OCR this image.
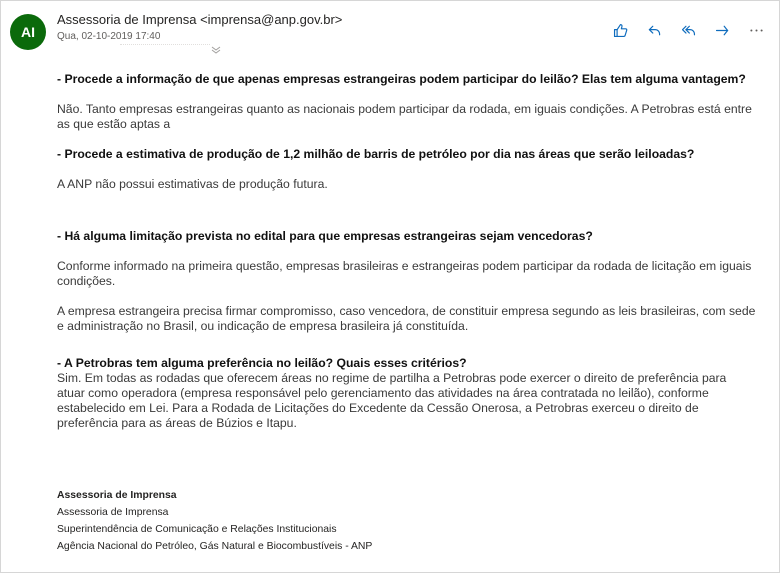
AI
Assessoria de Imprensa <imprensa@anp.gov.br>
Qua, 02-10-2019 17:40

- Procede a informação de que apenas empresas estrangeiras podem participar do leilão? Elas tem alguma vantagem?

Não. Tanto empresas estrangeiras quanto as nacionais podem participar da rodada, em iguais condições. A Petrobras está entre as que estão aptas a

- Procede a estimativa de produção de 1,2 milhão de barris de petróleo por dia nas áreas que serão leiloadas?

A ANP não possui estimativas de produção futura.

- Há alguma limitação prevista no edital para que empresas estrangeiras sejam vencedoras?

Conforme informado na primeira questão, empresas brasileiras e estrangeiras podem participar da rodada de licitação em iguais condições.

A empresa estrangeira precisa firmar compromisso, caso vencedora, de constituir empresa segundo as leis brasileiras, com sede e administração no Brasil, ou indicação de empresa brasileira já constituída.

- A Petrobras tem alguma preferência no leilão? Quais esses critérios?

Sim. Em todas as rodadas que oferecem áreas no regime de partilha a Petrobras pode exercer o direito de preferência para atuar como operadora (empresa responsável pelo gerenciamento das atividades na área contratada no leilão), conforme estabelecido em Lei. Para a Rodada de Licitações do Excedente da Cessão Onerosa, a Petrobras exerceu o direito de preferência para as áreas de Búzios e Itapu.

Assessoria de Imprensa
Assessoria de Imprensa
Superintendência de Comunicação e Relações Institucionais
Agência Nacional do Petróleo, Gás Natural e Biocombustíveis - ANP
